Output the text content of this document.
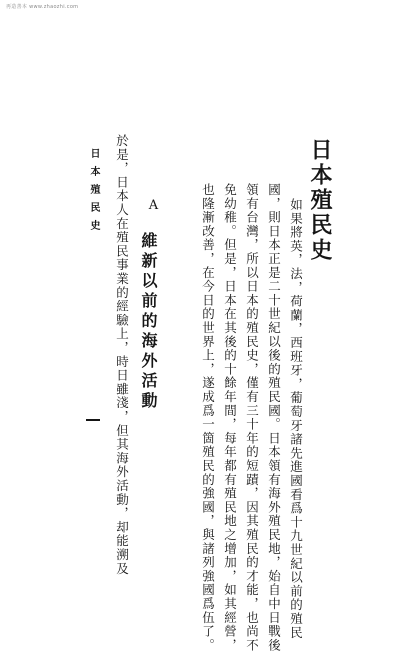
再造善本 www.zhaozhi.com
日本殖民史
如果將英，法，荷蘭，西班牙，葡萄牙諸先進國看爲十九世紀以前的殖民
國，則日本正是二十世紀以後的殖民國。日本領有海外殖民地，始自中日戰後
領有台灣，所以日本的殖民史，僅有三十年的短蹟，因其殖民的才能，也尚不
免幼稚。但是，日本在其後的十餘年間，每年都有殖民地之增加，如其經營，
也隆漸改善，在今日的世界上，遂成爲一箇殖民的強國，與諸列強國爲伍了。
A
維新以前的海外活動
於是，日本人在殖民事業的經驗上，時日雖淺，但其海外活動，却能溯及
日本殖民史
